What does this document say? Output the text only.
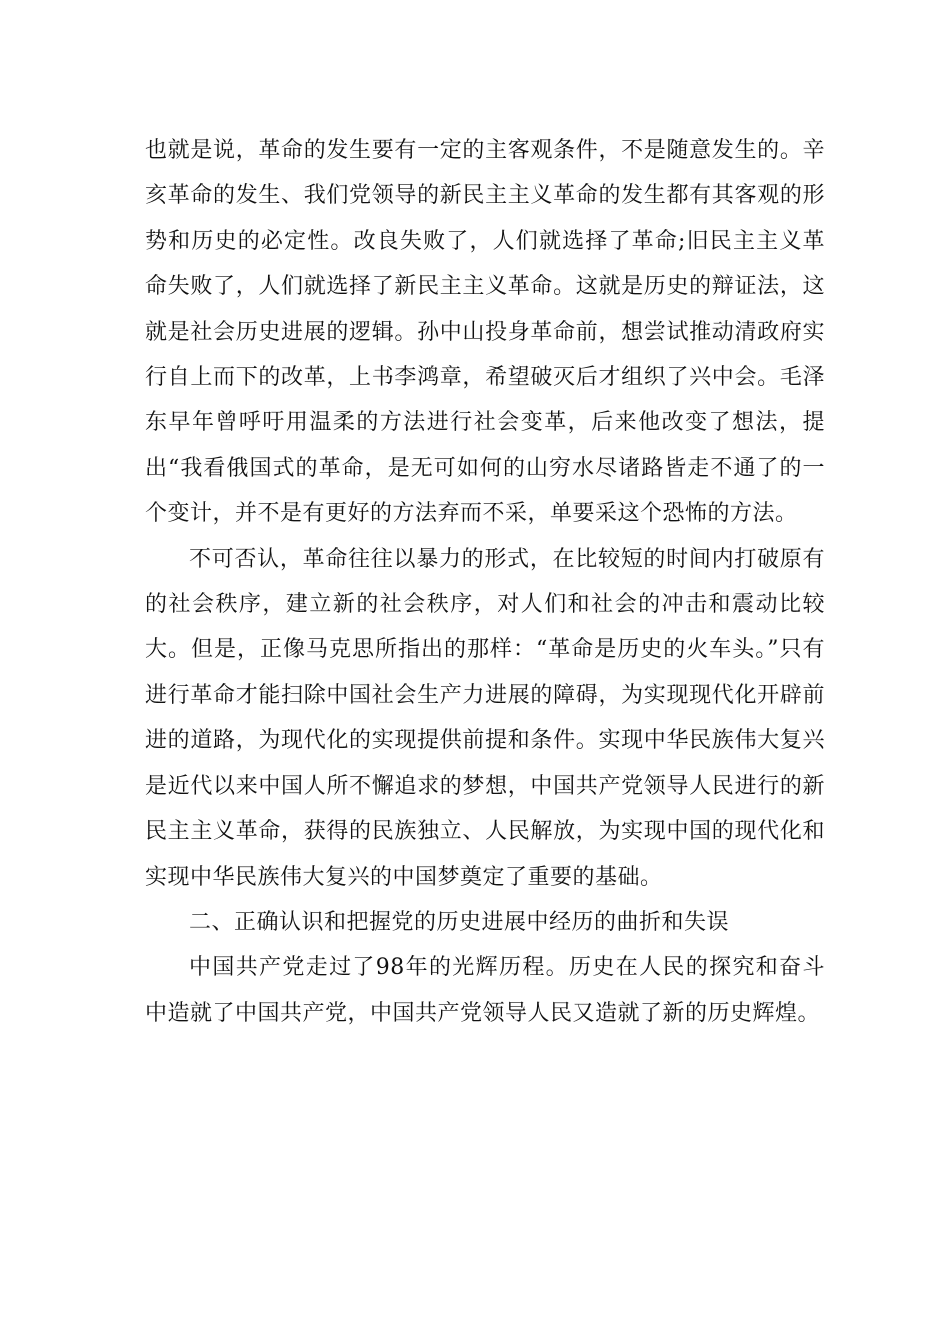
也就是说，革命的发生要有一定的主客观条件，不是随意发生的。辛亥革命的发生、我们党领导的新民主主义革命的发生都有其客观的形势和历史的必定性。改良失败了，人们就选择了革命;旧民主主义革命失败了，人们就选择了新民主主义革命。这就是历史的辩证法，这就是社会历史进展的逻辑。孙中山投身革命前，想尝试推动清政府实行自上而下的改革，上书李鸿章，希望破灭后才组织了兴中会。毛泽东早年曾呼吁用温柔的方法进行社会变革，后来他改变了想法，提出“我看俄国式的革命，是无可如何的山穷水尽诸路皆走不通了的一个变计，并不是有更好的方法弃而不采，单要采这个恐怖的方法。

不可否认，革命往往以暴力的形式，在比较短的时间内打破原有的社会秩序，建立新的社会秩序，对人们和社会的冲击和震动比较大。但是，正像马克思所指出的那样：“革命是历史的火车头。”只有进行革命才能扫除中国社会生产力进展的障碍，为实现现代化开辟前进的道路，为现代化的实现提供前提和条件。实现中华民族伟大复兴是近代以来中国人所不懈追求的梦想，中国共产党领导人民进行的新民主主义革命，获得的民族独立、人民解放，为实现中国的现代化和实现中华民族伟大复兴的中国梦奠定了重要的基础。

二、正确认识和把握党的历史进展中经历的曲折和失误

中国共产党走过了98年的光辉历程。历史在人民的探究和奋斗中造就了中国共产党，中国共产党领导人民又造就了新的历史辉煌。
